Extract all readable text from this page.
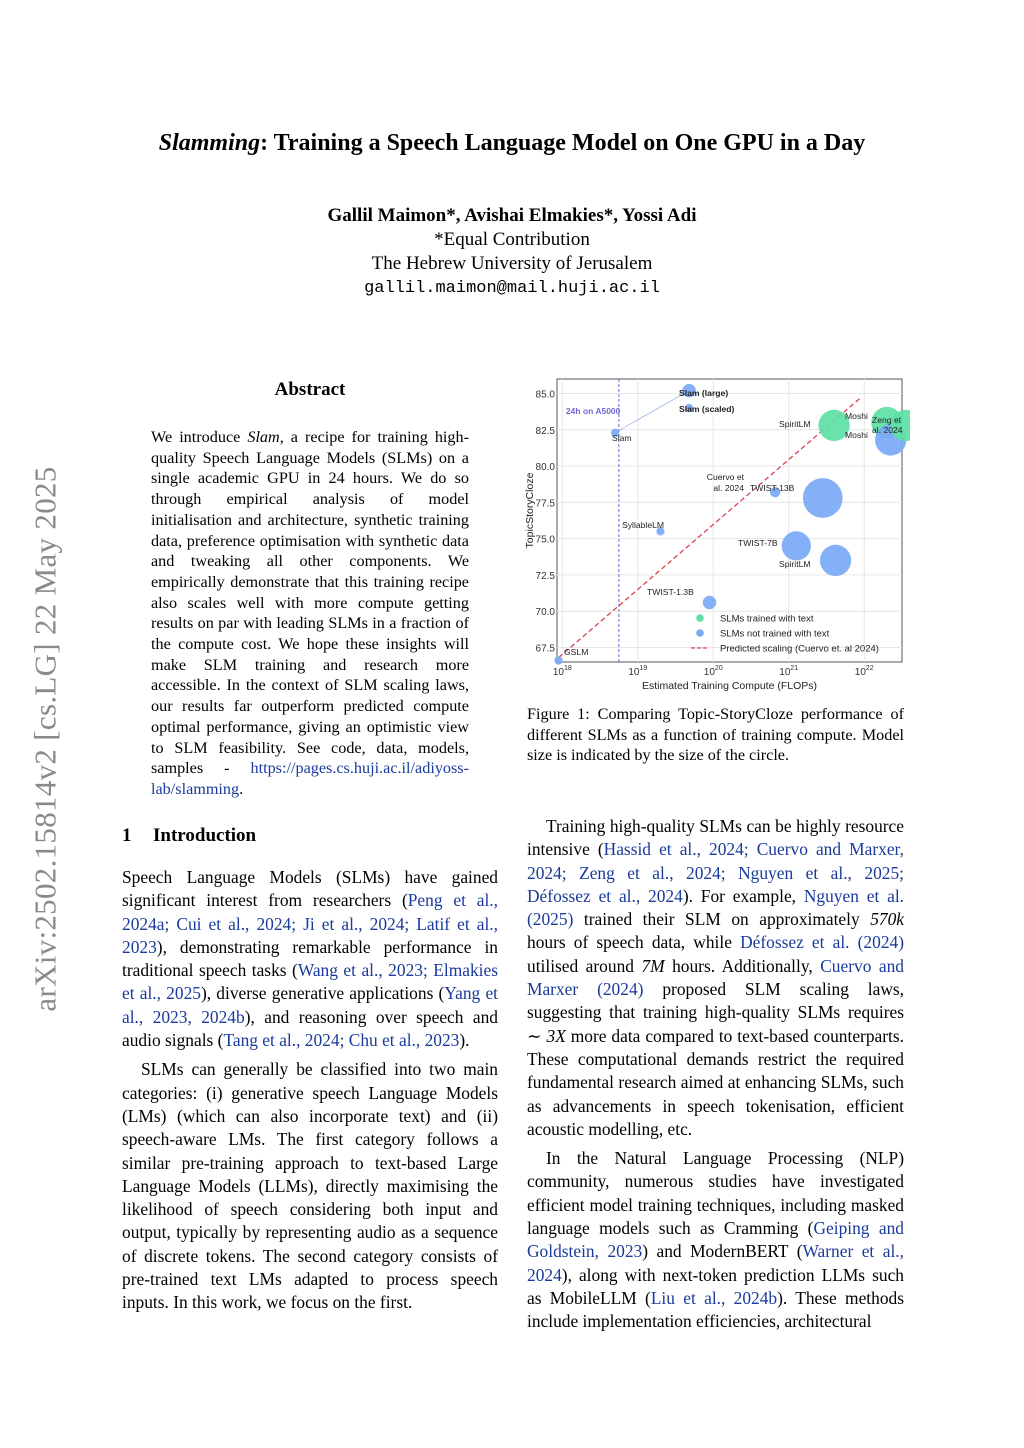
arXiv:2502.15814v2 [cs.LG] 22 May 2025
Slamming: Training a Speech Language Model on One GPU in a Day
Gallil Maimon*, Avishai Elmakies*, Yossi Adi
*Equal Contribution
The Hebrew University of Jerusalem
gallil.maimon@mail.huji.ac.il
Abstract
We introduce Slam, a recipe for training high-quality Speech Language Models (SLMs) on a single academic GPU in 24 hours. We do so through empirical analysis of model initialisation and architecture, synthetic training data, preference optimisation with synthetic data and tweaking all other components. We empirically demonstrate that this training recipe also scales well with more compute getting results on par with leading SLMs in a fraction of the compute cost. We hope these insights will make SLM training and research more accessible. In the context of SLM scaling laws, our results far outperform predicted compute optimal performance, giving an optimistic view to SLM feasibility. See code, data, models, samples - https://pages.cs.huji.ac.il/adiyoss-lab/slamming.
1 Introduction

Speech Language Models (SLMs) have gained significant interest from researchers (Peng et al., 2024a; Cui et al., 2024; Ji et al., 2024; Latif et al., 2023), demonstrating remarkable performance in traditional speech tasks (Wang et al., 2023; Elmakies et al., 2025), diverse generative applications (Yang et al., 2023, 2024b), and reasoning over speech and audio signals (Tang et al., 2024; Chu et al., 2023).

SLMs can generally be classified into two main categories: (i) generative speech Language Models (LMs) (which can also incorporate text) and (ii) speech-aware LMs. The first category follows a similar pre-training approach to text-based Large Language Models (LLMs), directly maximising the likelihood of speech considering both input and output, typically by representing audio as a sequence of discrete tokens. The second category consists of pre-trained text LMs adapted to process speech inputs. In this work, we focus on the first.

Training high-quality SLMs can be highly resource intensive (Hassid et al., 2024; Cuervo and Marxer, 2024; Zeng et al., 2024; Nguyen et al., 2025; Défossez et al., 2024). For example, Nguyen et al. (2025) trained their SLM on approximately 570k hours of speech data, while Défossez et al. (2024) utilised around 7M hours. Additionally, Cuervo and Marxer (2024) proposed SLM scaling laws, suggesting that training high-quality SLMs requires ∼ 3X more data compared to text-based counterparts. These computational demands restrict the required fundamental research aimed at enhancing SLMs, such as advancements in speech tokenisation, efficient acoustic modelling, etc.

In the Natural Language Processing (NLP) community, numerous studies have investigated efficient model training techniques, including masked language models such as Cramming (Geiping and Goldstein, 2023) and ModernBERT (Warner et al., 2024), along with next-token prediction LLMs such as MobileLLM (Liu et al., 2024b). These methods include implementation efficiencies, architectural

67.5
70.0
72.5
75.0
77.5
80.0
82.5
85.0
$10^{18}$	$10^{19}$	$10^{20}$	$10^{21}$	$10^{22}$
Estimated Training Compute (FLOPs)
TopicStoryCloze
24h on A5000
GSLM
Slam
Slam (large)
Slam (scaled)
SyllableLM
TWIST-1.3B
TWIST-7B
TWIST-13B
Cuervo et
al. 2024
SpiritLM
SpiritLM
Moshi
Moshi
Zeng et
al. 2024
SLMs trained with text
SLMs not trained with text
Predicted scaling (Cuervo et. al 2024)
Figure 1: Comparing Topic-StoryCloze performance of different SLMs as a function of training compute. Model size is indicated by the size of the circle.
